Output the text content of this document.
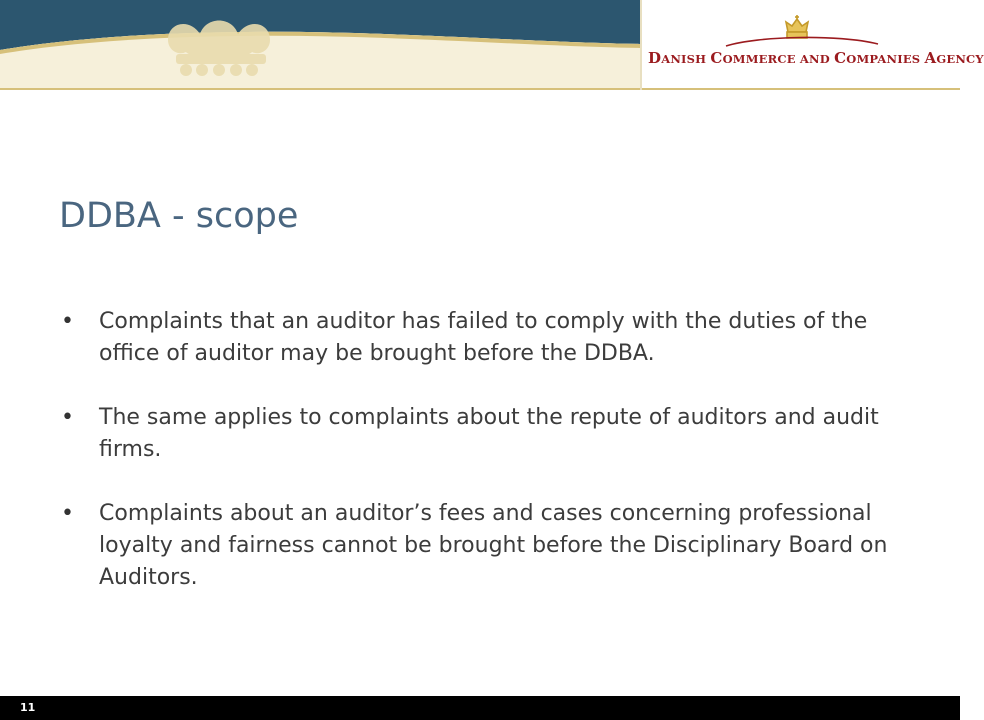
DANISH COMMERCE AND COMPANIES AGENCY
DDBA - scope
• Complaints that an auditor has failed to comply with the duties of the office of auditor may be brought before the DDBA.
• The same applies to complaints about the repute of auditors and audit firms.
• Complaints about an auditor’s fees and cases concerning professional loyalty and fairness cannot be brought before the Disciplinary Board on Auditors.
11
